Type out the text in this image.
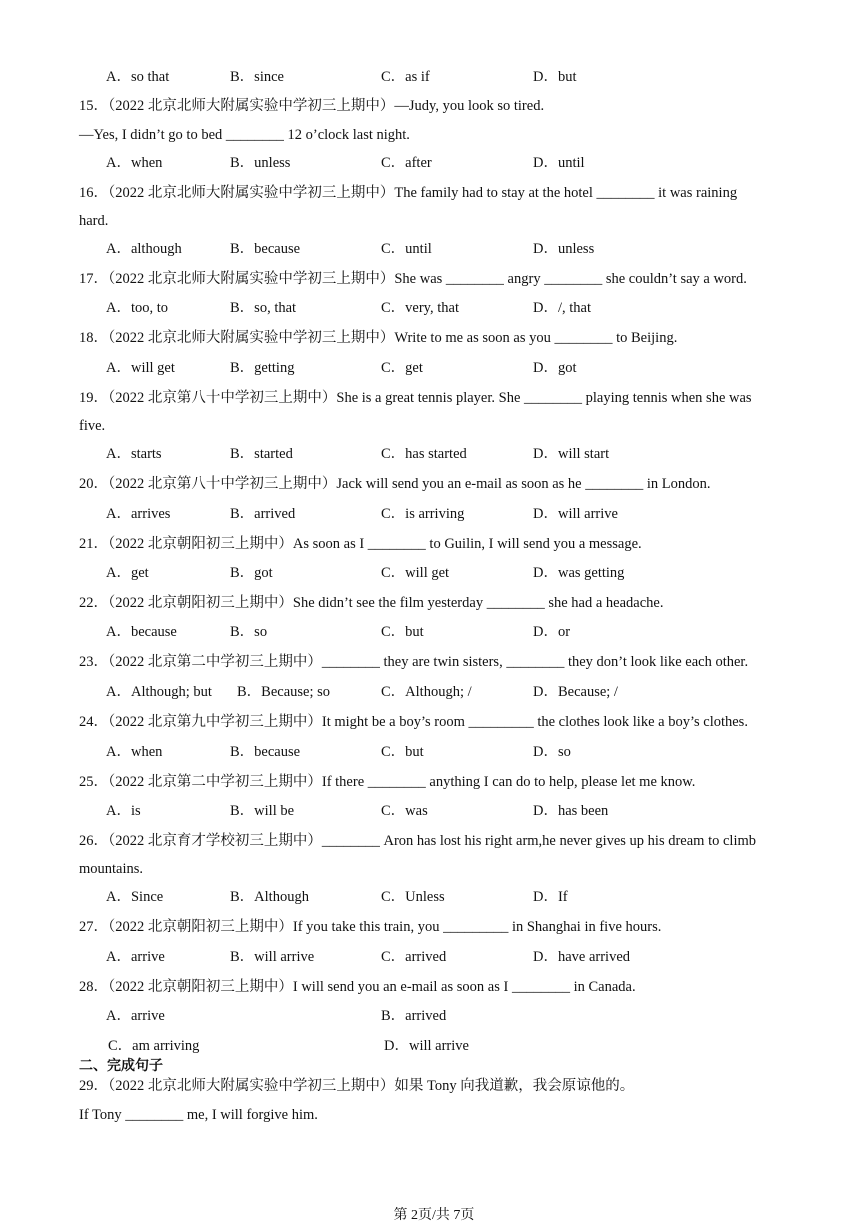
A．so that	B．since	C．as if	D．but
15．（2022 北京北师大附属实验中学初三上期中）—Judy, you look so tired.
—Yes, I didn’t go to bed ________ 12 o’clock last night.
A．when	B．unless	C．after	D．until
16．（2022 北京北师大附属实验中学初三上期中）The family had to stay at the hotel ________ it was raining
hard.
A．although	B．because	C．until	D．unless
17．（2022 北京北师大附属实验中学初三上期中）She was ________ angry ________ she couldn’t say a word.
A．too, to	B．so, that	C．very, that	D．/, that
18．（2022 北京北师大附属实验中学初三上期中）Write to me as soon as you ________ to Beijing.
A．will get	B．getting	C．get	D．got
19．（2022 北京第八十中学初三上期中）She is a great tennis player. She ________ playing tennis when she was
five.
A．starts	B．started	C．has started	D．will start
20．（2022 北京第八十中学初三上期中）Jack will send you an e-mail as soon as he ________ in London.
A．arrives	B．arrived	C．is arriving	D．will arrive
21．（2022 北京朝阳初三上期中）As soon as I ________ to Guilin, I will send you a message.
A．get	B．got	C．will get	D．was getting
22．（2022 北京朝阳初三上期中）She didn’t see the film yesterday ________ she had a headache.
A．because	B．so	C．but	D．or
23．（2022 北京第二中学初三上期中）________ they are twin sisters, ________ they don’t look like each other.
A．Although; but B．Because; so	C．Although; /	D．Because; /
24．（2022 北京第九中学初三上期中）It might be a boy’s room _________ the clothes look like a boy’s clothes.
A．when	B．because	C．but	D．so
25．（2022 北京第二中学初三上期中）If there ________ anything I can do to help, please let me know.
A．is	B．will be	C．was	D．has been
26．（2022 北京育才学校初三上期中）________ Aron has lost his right arm,he never gives up his dream to climb
mountains.
A．Since	B．Although	C．Unless	D．If
27．（2022 北京朝阳初三上期中）If you take this train, you _________ in Shanghai in five hours.
A．arrive	B．will arrive	C．arrived	D．have arrived
28．（2022 北京朝阳初三上期中）I will send you an e-mail as soon as I ________ in Canada.
A．arrive	B．arrived
C．am arriving	D．will arrive
二、完成句子
29．（2022 北京北师大附属实验中学初三上期中）如果 Tony 向我道歉，我会原谅他的。
If Tony ________ me, I will forgive him.
第 2页/共 7页
